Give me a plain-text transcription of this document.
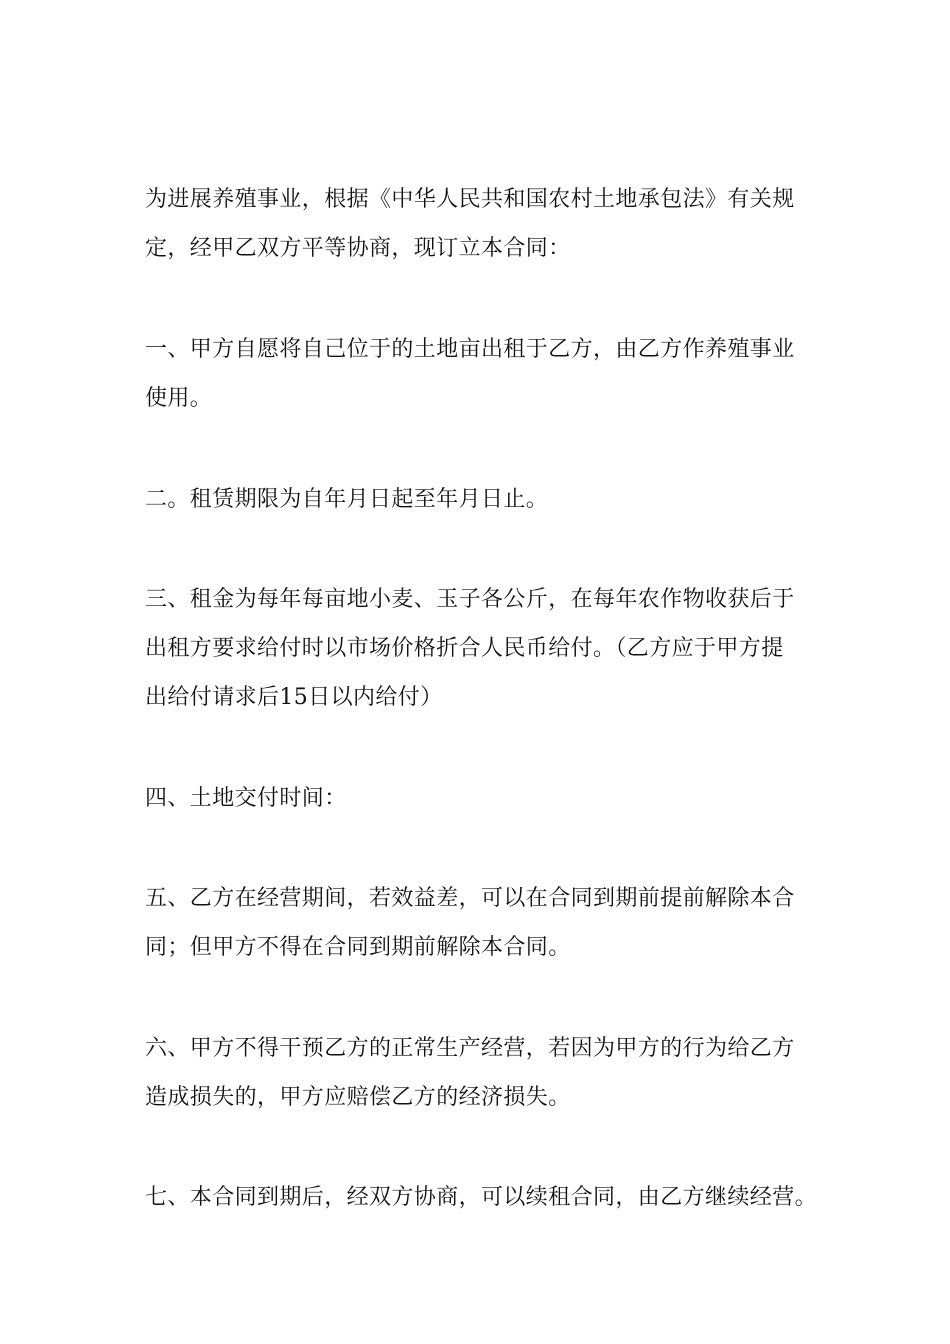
为进展养殖事业，根据《中华人民共和国农村土地承包法》有关规
定，经甲乙双方平等协商，现订立本合同：
一、甲方自愿将自己位于的土地亩出租于乙方，由乙方作养殖事业
使用。
二。租赁期限为自年月日起至年月日止。
三、租金为每年每亩地小麦、玉子各公斤，在每年农作物收获后于
出租方要求给付时以市场价格折合人民币给付。（乙方应于甲方提
出给付请求后15日以内给付）
四、土地交付时间：
五、乙方在经营期间，若效益差，可以在合同到期前提前解除本合
同；但甲方不得在合同到期前解除本合同。
六、甲方不得干预乙方的正常生产经营，若因为甲方的行为给乙方
造成损失的，甲方应赔偿乙方的经济损失。
七、本合同到期后，经双方协商，可以续租合同，由乙方继续经营。
